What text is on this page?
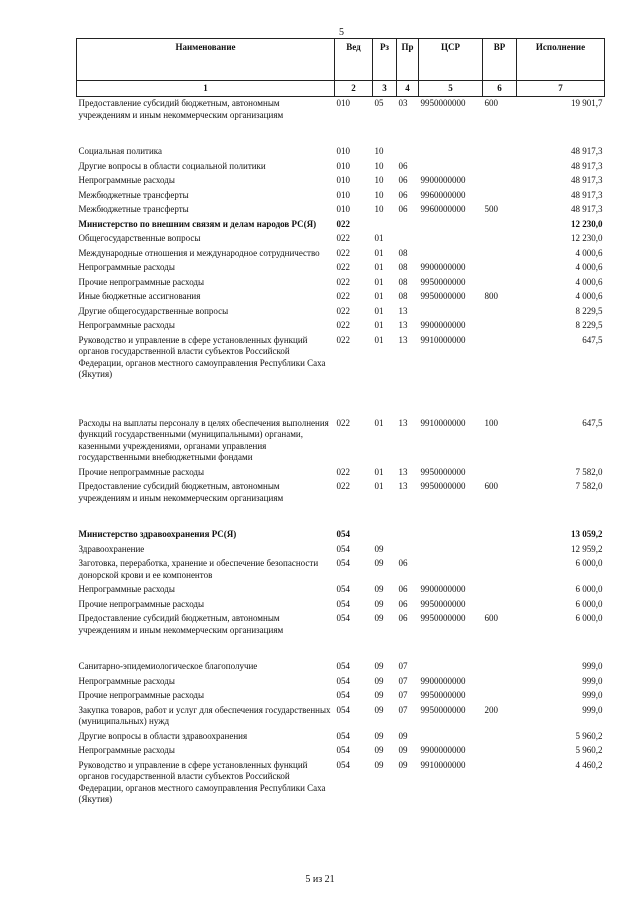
5
Наименование	Вед	Рз	Пр	ЦСР	ВР	Исполнение
1	2	3	4	5	6	7
Предоставление субсидий бюджетным, автономным учреждениям и иным некоммерческим организациям	010	05	03	9950000000	600	19 901,7

Социальная политика	010	10				48 917,3
Другие вопросы в области социальной политики	010	10	06			48 917,3
Непрограммные расходы	010	10	06	9900000000		48 917,3
Межбюджетные трансферты	010	10	06	9960000000		48 917,3
Межбюджетные трансферты	010	10	06	9960000000	500	48 917,3
Министерство по внешним связям и делам народов РС(Я)	022					12 230,0
Общегосударственные вопросы	022	01				12 230,0
Международные отношения и международное сотрудничество	022	01	08			4 000,6
Непрограммные расходы	022	01	08	9900000000		4 000,6
Прочие непрограммные расходы	022	01	08	9950000000		4 000,6
Иные бюджетные ассигнования	022	01	08	9950000000	800	4 000,6
Другие общегосударственные вопросы	022	01	13			8 229,5
Непрограммные расходы	022	01	13	9900000000		8 229,5
Руководство и управление в сфере установленных функций органов государственной власти субъектов Российской Федерации, органов местного самоуправления Республики Саха (Якутия)	022	01	13	9910000000		647,5

Расходы на выплаты персоналу в целях обеспечения выполнения функций государственными (муниципальными) органами, казенными учреждениями, органами управления государственными внебюджетными фондами	022	01	13	9910000000	100	647,5
Прочие непрограммные расходы	022	01	13	9950000000		7 582,0
Предоставление субсидий бюджетным, автономным учреждениям и иным некоммерческим организациям	022	01	13	9950000000	600	7 582,0

Министерство здравоохранения РС(Я)	054					13 059,2
Здравоохранение	054	09				12 959,2
Заготовка, переработка, хранение и обеспечение безопасности донорской крови и ее компонентов	054	09	06			6 000,0
Непрограммные расходы	054	09	06	9900000000		6 000,0
Прочие непрограммные расходы	054	09	06	9950000000		6 000,0
Предоставление субсидий бюджетным, автономным учреждениям и иным некоммерческим организациям	054	09	06	9950000000	600	6 000,0

Санитарно-эпидемиологическое благополучие	054	09	07			999,0
Непрограммные расходы	054	09	07	9900000000		999,0
Прочие непрограммные расходы	054	09	07	9950000000		999,0
Закупка товаров, работ и услуг для обеспечения государственных (муниципальных) нужд	054	09	07	9950000000	200	999,0
Другие вопросы в области здравоохранения	054	09	09			5 960,2
Непрограммные расходы	054	09	09	9900000000		5 960,2
Руководство и управление в сфере установленных функций органов государственной власти субъектов Российской Федерации, органов местного самоуправления Республики Саха (Якутия)	054	09	09	9910000000		4 460,2
5 из 21
